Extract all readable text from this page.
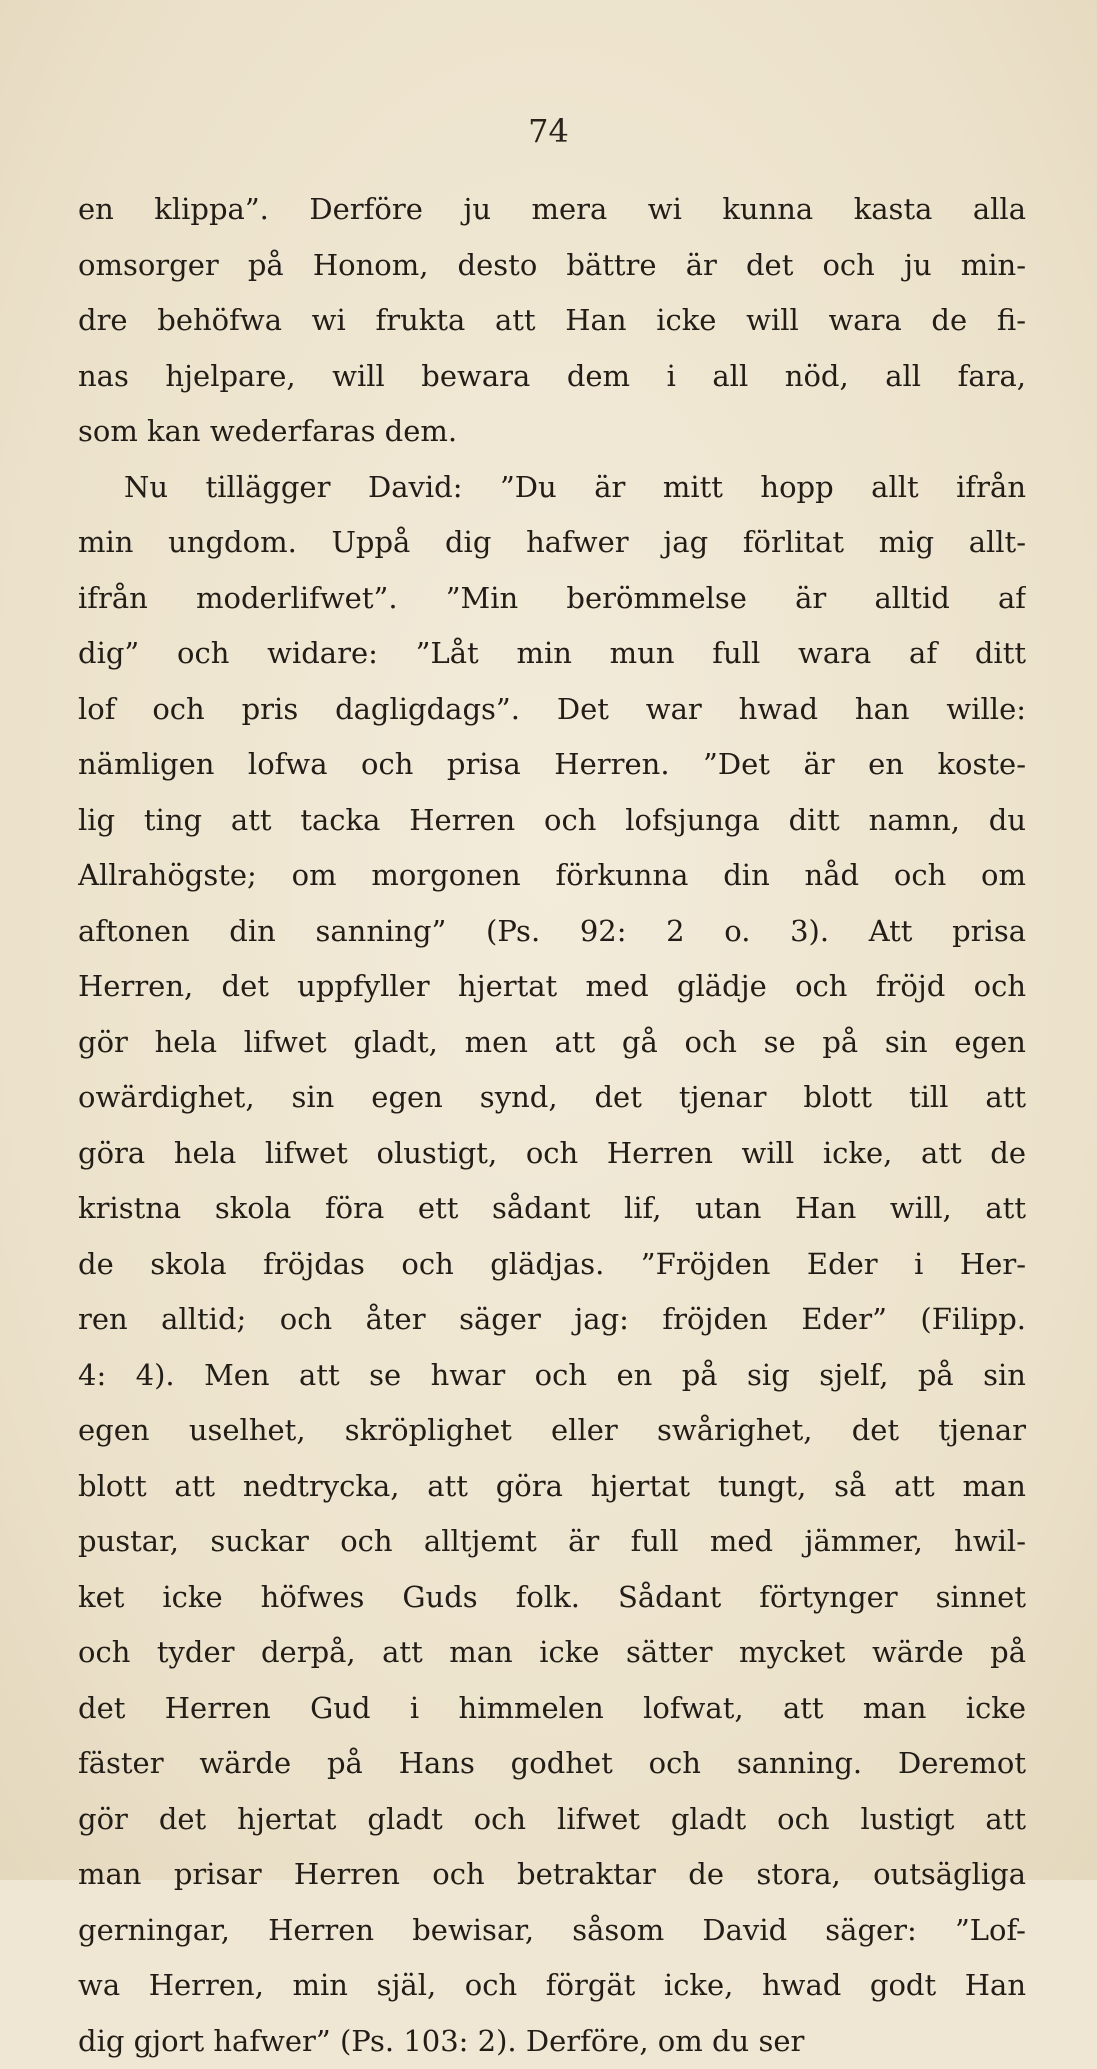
74

en klippa”. Derföre ju mera wi kunna kasta alla
omsorger på Honom, desto bättre är det och ju min-
dre behöfwa wi frukta att Han icke will wara de fi-
nas hjelpare, will bewara dem i all nöd, all fara,
som kan wederfaras dem.
Nu tillägger David: ”Du är mitt hopp allt ifrån
min ungdom. Uppå dig hafwer jag förlitat mig allt-
ifrån moderlifwet”. ”Min berömmelse är alltid af
dig” och widare: ”Låt min mun full wara af ditt
lof och pris dagligdags”. Det war hwad han wille:
nämligen lofwa och prisa Herren. ”Det är en koste-
lig ting att tacka Herren och lofsjunga ditt namn, du
Allrahögste; om morgonen förkunna din nåd och om
aftonen din sanning” (Ps. 92: 2 o. 3). Att prisa
Herren, det uppfyller hjertat med glädje och fröjd och
gör hela lifwet gladt, men att gå och se på sin egen
owärdighet, sin egen synd, det tjenar blott till att
göra hela lifwet olustigt, och Herren will icke, att de
kristna skola föra ett sådant lif, utan Han will, att
de skola fröjdas och glädjas. ”Fröjden Eder i Her-
ren alltid; och åter säger jag: fröjden Eder” (Filipp.
4: 4). Men att se hwar och en på sig sjelf, på sin
egen uselhet, skröplighet eller swårighet, det tjenar
blott att nedtrycka, att göra hjertat tungt, så att man
pustar, suckar och alltjemt är full med jämmer, hwil-
ket icke höfwes Guds folk. Sådant förtynger sinnet
och tyder derpå, att man icke sätter mycket wärde på
det Herren Gud i himmelen lofwat, att man icke
fäster wärde på Hans godhet och sanning. Deremot
gör det hjertat gladt och lifwet gladt och lustigt att
man prisar Herren och betraktar de stora, outsägliga
gerningar, Herren bewisar, såsom David säger: ”Lof-
wa Herren, min själ, och förgät icke, hwad godt Han
dig gjort hafwer” (Ps. 103: 2). Derföre, om du ser
